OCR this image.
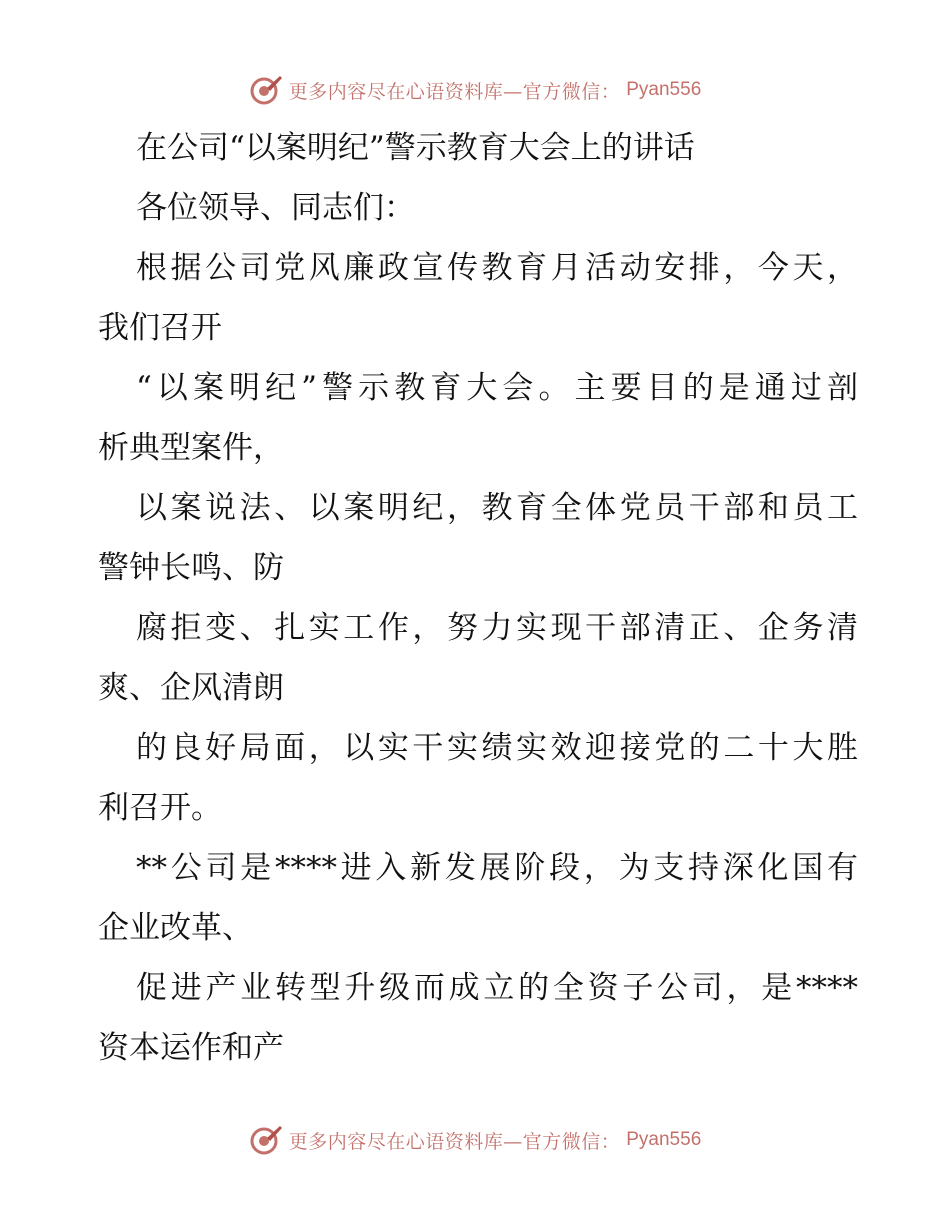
更多内容尽在心语资料库—官方微信： Pyan556
在公司“以案明纪”警示教育大会上的讲话
各位领导、同志们：
根据公司党风廉政宣传教育月活动安排，今天，
我们召开
“以案明纪”警示教育大会。主要目的是通过剖
析典型案件，
以案说法、以案明纪，教育全体党员干部和员工
警钟长鸣、防
腐拒变、扎实工作，努力实现干部清正、企务清
爽、企风清朗
的良好局面，以实干实绩实效迎接党的二十大胜
利召开。
**公司是****进入新发展阶段，为支持深化国有
企业改革、
促进产业转型升级而成立的全资子公司，是****
资本运作和产
更多内容尽在心语资料库—官方微信： Pyan556
